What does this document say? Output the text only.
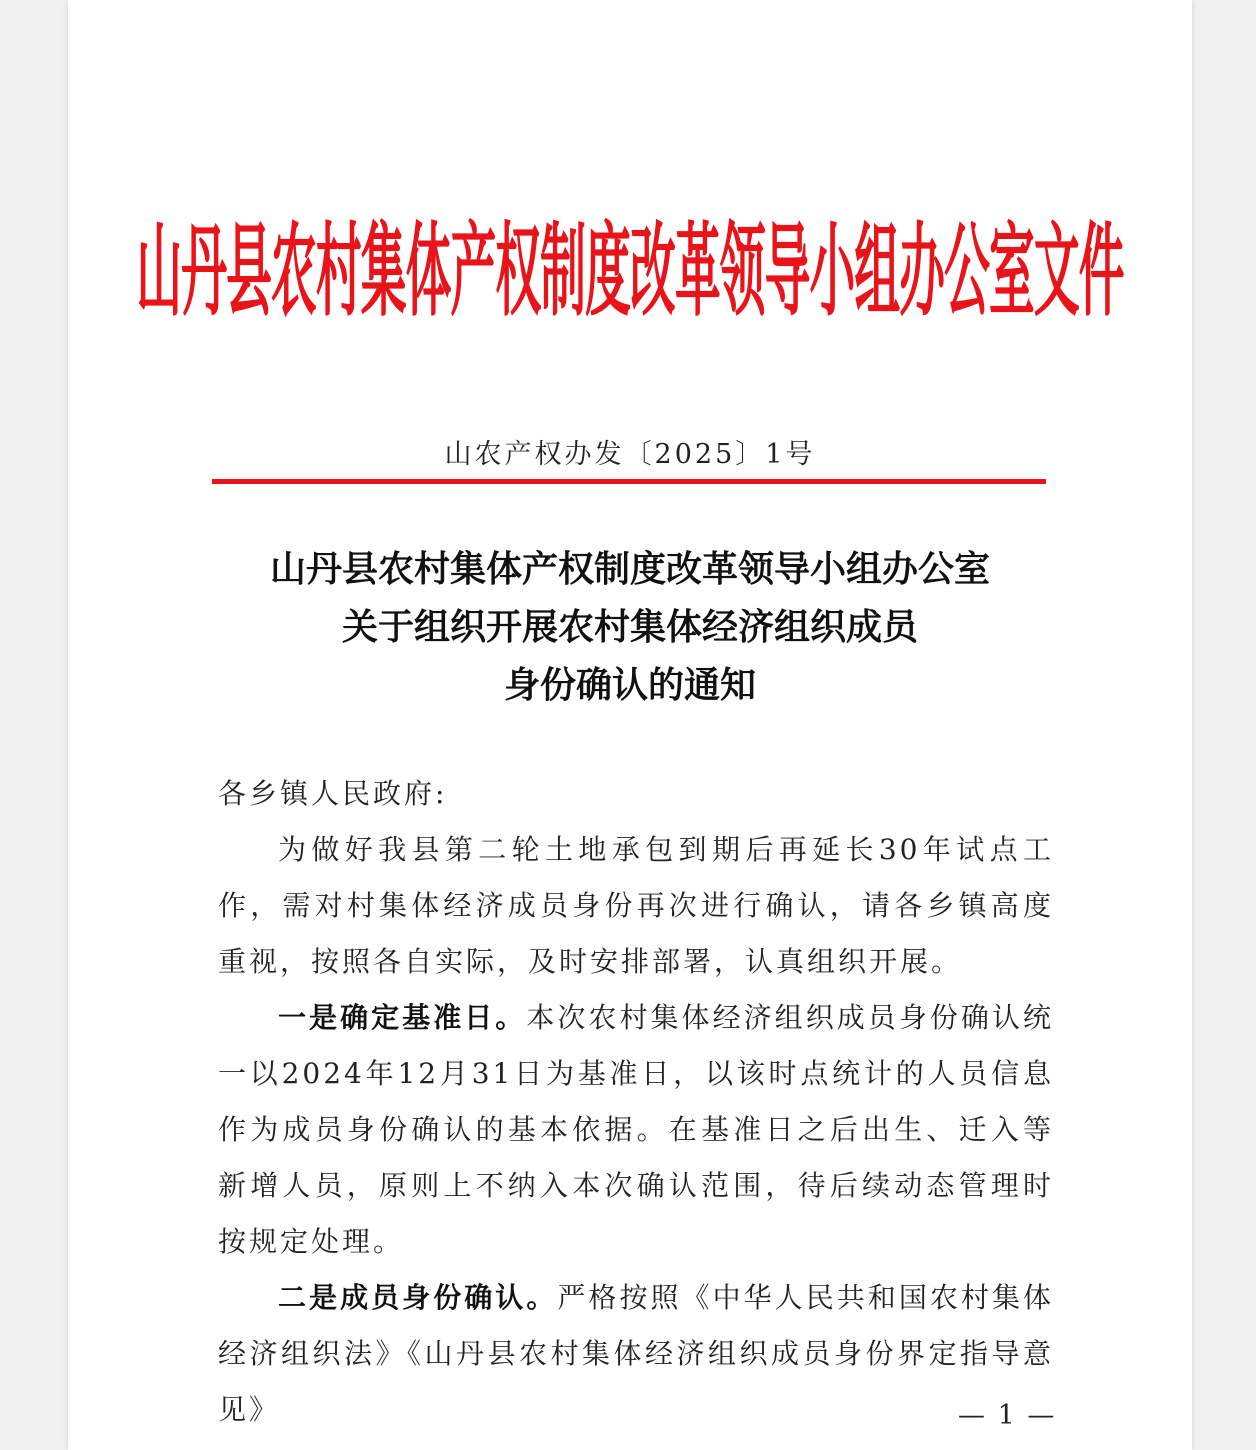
山丹县农村集体产权制度改革领导小组办公室文件
山农产权办发〔2025〕1号
山丹县农村集体产权制度改革领导小组办公室
关于组织开展农村集体经济组织成员
身份确认的通知

各乡镇人民政府:

为做好我县第二轮土地承包到期后再延长30年试点工作，需对村集体经济成员身份再次进行确认，请各乡镇高度重视，按照各自实际，及时安排部署，认真组织开展。

一是确定基准日。本次农村集体经济组织成员身份确认统一以2024年12月31日为基准日，以该时点统计的人员信息作为成员身份确认的基本依据。在基准日之后出生、迁入等新增人员，原则上不纳入本次确认范围，待后续动态管理时按规定处理。

二是成员身份确认。严格按照《中华人民共和国农村集体经济组织法》《山丹县农村集体经济组织成员身份界定指导意见》	— 1 —
